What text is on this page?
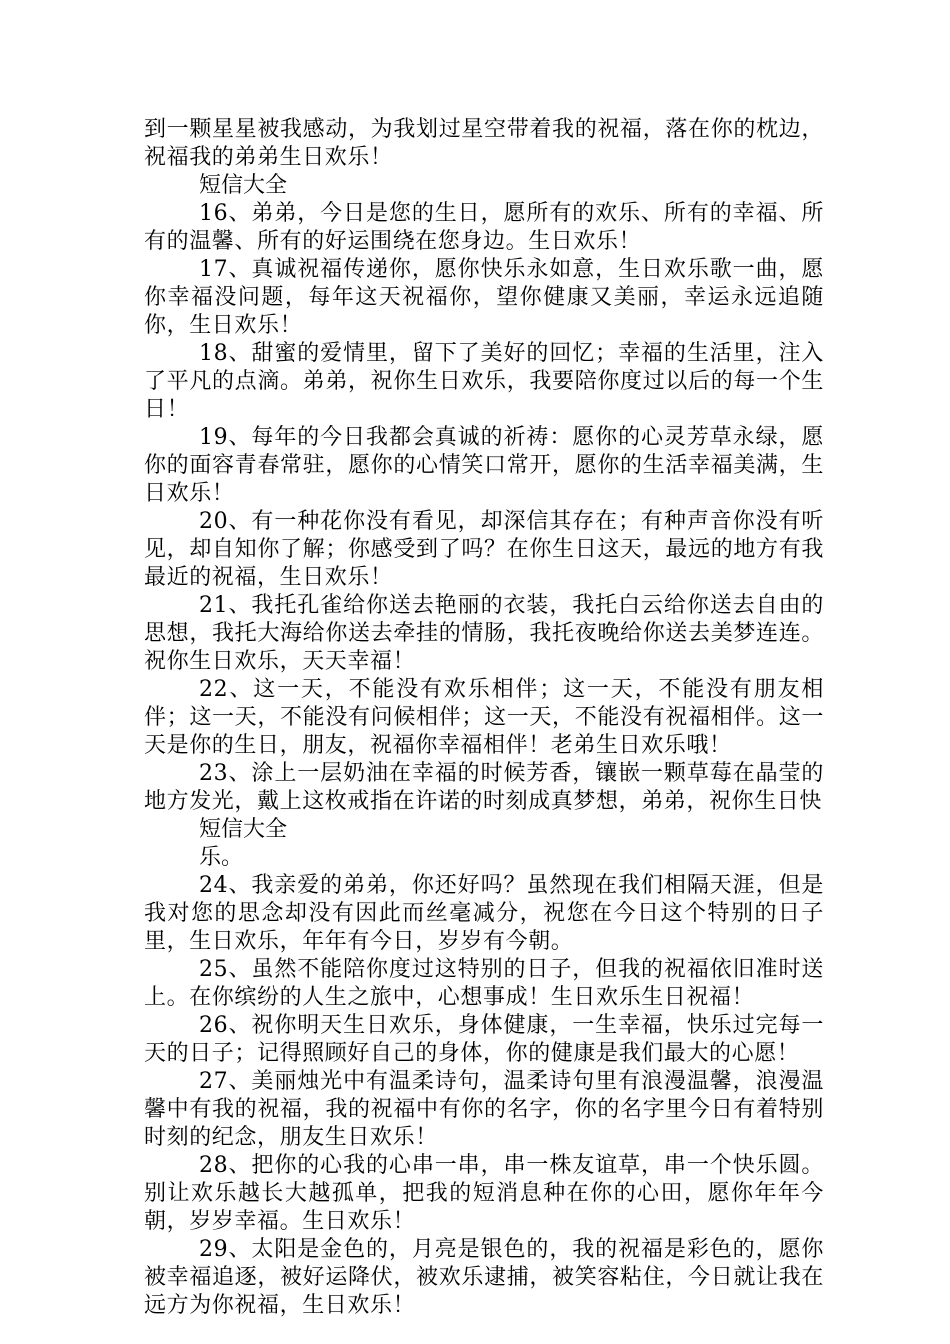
到一颗星星被我感动，为我划过星空带着我的祝福，落在你的枕边，祝福我的弟弟生日欢乐！

短信大全

16、弟弟，今日是您的生日，愿所有的欢乐、所有的幸福、所有的温馨、所有的好运围绕在您身边。生日欢乐！

17、真诚祝福传递你，愿你快乐永如意，生日欢乐歌一曲，愿你幸福没问题，每年这天祝福你，望你健康又美丽，幸运永远追随你，生日欢乐！

18、甜蜜的爱情里，留下了美好的回忆；幸福的生活里，注入了平凡的点滴。弟弟，祝你生日欢乐，我要陪你度过以后的每一个生日！

19、每年的今日我都会真诚的祈祷：愿你的心灵芳草永绿，愿你的面容青春常驻，愿你的心情笑口常开，愿你的生活幸福美满，生日欢乐！

20、有一种花你没有看见，却深信其存在；有种声音你没有听见，却自知你了解；你感受到了吗？在你生日这天，最远的地方有我最近的祝福，生日欢乐！

21、我托孔雀给你送去艳丽的衣装，我托白云给你送去自由的思想，我托大海给你送去牵挂的情肠，我托夜晚给你送去美梦连连。祝你生日欢乐，天天幸福！

22、这一天，不能没有欢乐相伴；这一天，不能没有朋友相伴；这一天，不能没有问候相伴；这一天，不能没有祝福相伴。这一天是你的生日，朋友，祝福你幸福相伴！老弟生日欢乐哦！

23、涂上一层奶油在幸福的时候芳香，镶嵌一颗草莓在晶莹的地方发光，戴上这枚戒指在许诺的时刻成真梦想，弟弟，祝你生日快

短信大全

乐。

24、我亲爱的弟弟，你还好吗？虽然现在我们相隔天涯，但是我对您的思念却没有因此而丝毫减分，祝您在今日这个特别的日子里，生日欢乐，年年有今日，岁岁有今朝。

25、虽然不能陪你度过这特别的日子，但我的祝福依旧准时送上。在你缤纷的人生之旅中，心想事成！生日欢乐生日祝福！

26、祝你明天生日欢乐，身体健康，一生幸福，快乐过完每一天的日子；记得照顾好自己的身体，你的健康是我们最大的心愿！

27、美丽烛光中有温柔诗句，温柔诗句里有浪漫温馨，浪漫温馨中有我的祝福，我的祝福中有你的名字，你的名字里今日有着特别时刻的纪念，朋友生日欢乐！

28、把你的心我的心串一串，串一株友谊草，串一个快乐圆。别让欢乐越长大越孤单，把我的短消息种在你的心田，愿你年年今朝，岁岁幸福。生日欢乐！

29、太阳是金色的，月亮是银色的，我的祝福是彩色的，愿你被幸福追逐，被好运降伏，被欢乐逮捕，被笑容粘住，今日就让我在远方为你祝福，生日欢乐！
